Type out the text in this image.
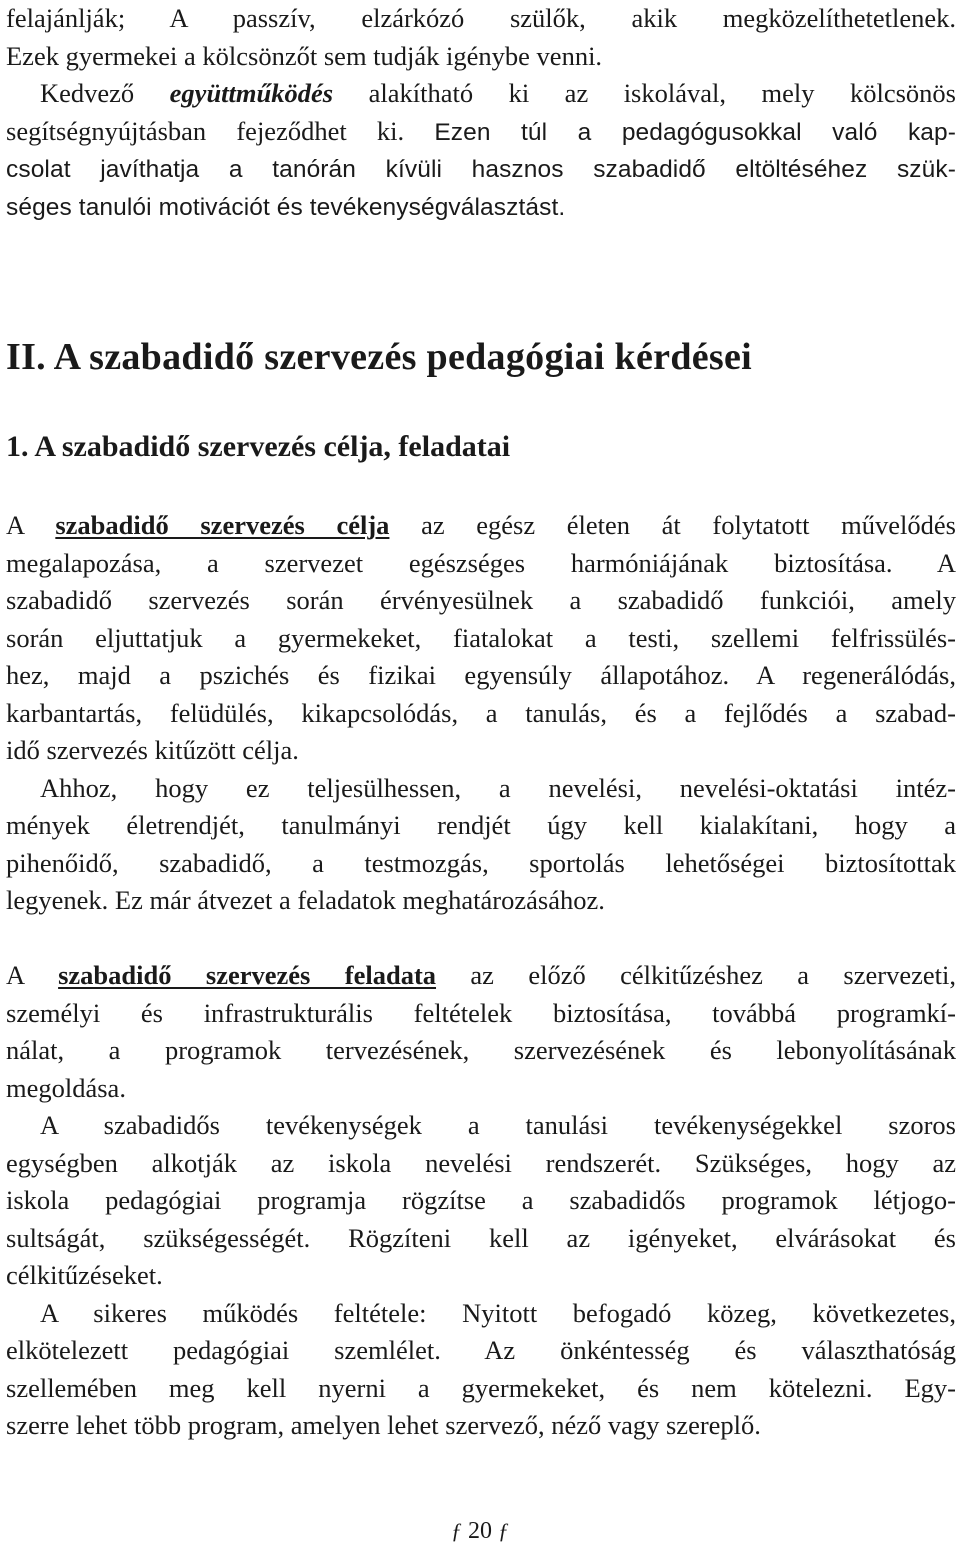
felajánlják; A passzív, elzárkózó szülők, akik megközelíthetetlenek.
Ezek gyermekei a kölcsönzőt sem tudják igénybe venni.
Kedvező együttműködés alakítható ki az iskolával, mely kölcsönös
segítségnyújtásban fejeződhet ki. Ezen túl a pedagógusokkal való kap-
csolat javíthatja a tanórán kívüli hasznos szabadidő eltöltéséhez szük-
séges tanulói motivációt és tevékenységválasztást.

II. A szabadidő szervezés pedagógiai kérdései
1. A szabadidő szervezés célja, feladatai

A szabadidő szervezés célja az egész életen át folytatott művelődés
megalapozása, a szervezet egészséges harmóniájának biztosítása. A
szabadidő szervezés során érvényesülnek a szabadidő funkciói, amely
során eljuttatjuk a gyermekeket, fiatalokat a testi, szellemi felfrissülés-
hez, majd a pszichés és fizikai egyensúly állapotához. A regenerálódás,
karbantartás, felüdülés, kikapcsolódás, a tanulás, és a fejlődés a szabad-
idő szervezés kitűzött célja.

Ahhoz, hogy ez teljesülhessen, a nevelési, nevelési-oktatási intéz-
mények életrendjét, tanulmányi rendjét úgy kell kialakítani, hogy a
pihenőidő, szabadidő, a testmozgás, sportolás lehetőségei biztosítottak
legyenek. Ez már átvezet a feladatok meghatározásához.

A szabadidő szervezés feladata az előző célkitűzéshez a szervezeti,
személyi és infrastrukturális feltételek biztosítása, továbbá programkí-
nálat, a programok tervezésének, szervezésének és lebonyolításának
megoldása.

A szabadidős tevékenységek a tanulási tevékenységekkel szoros
egységben alkotják az iskola nevelési rendszerét. Szükséges, hogy az
iskola pedagógiai programja rögzítse a szabadidős programok létjogo-
sultságát, szükségességét. Rögzíteni kell az igényeket, elvárásokat és
célkitűzéseket.

A sikeres működés feltétele: Nyitott befogadó közeg, következetes,
elkötelezett pedagógiai szemlélet. Az önkéntesség és választhatóság
szellemében meg kell nyerni a gyermekeket, és nem kötelezni. Egy-
szerre lehet több program, amelyen lehet szervező, néző vagy szereplő.

ƒ 20 ƒ
